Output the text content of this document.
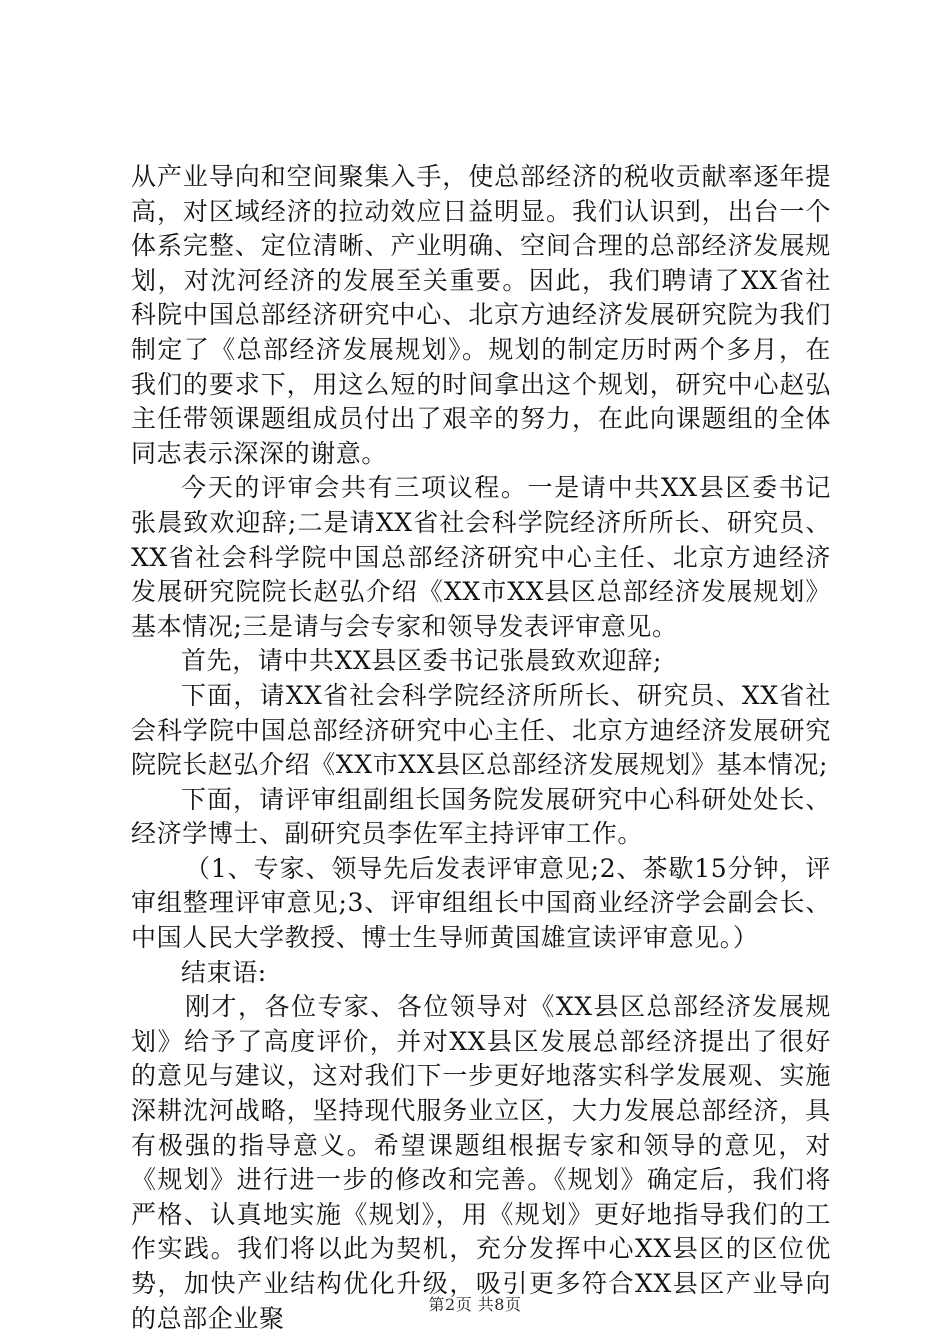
从产业导向和空间聚集入手，使总部经济的税收贡献率逐年提高，对区域经济的拉动效应日益明显。我们认识到，出台一个体系完整、定位清晰、产业明确、空间合理的总部经济发展规划，对沈河经济的发展至关重要。因此，我们聘请了XX省社科院中国总部经济研究中心、北京方迪经济发展研究院为我们制定了《总部经济发展规划》。规划的制定历时两个多月，在我们的要求下，用这么短的时间拿出这个规划，研究中心赵弘主任带领课题组成员付出了艰辛的努力，在此向课题组的全体同志表示深深的谢意。

今天的评审会共有三项议程。一是请中共XX县区委书记张晨致欢迎辞;二是请XX省社会科学院经济所所长、研究员、XX省社会科学院中国总部经济研究中心主任、北京方迪经济发展研究院院长赵弘介绍《XX市XX县区总部经济发展规划》基本情况;三是请与会专家和领导发表评审意见。

首先，请中共XX县区委书记张晨致欢迎辞;

下面，请XX省社会科学院经济所所长、研究员、XX省社会科学院中国总部经济研究中心主任、北京方迪经济发展研究院院长赵弘介绍《XX市XX县区总部经济发展规划》基本情况;

下面，请评审组副组长国务院发展研究中心科研处处长、经济学博士、副研究员李佐军主持评审工作。

（1、专家、领导先后发表评审意见;2、茶歇15分钟，评审组整理评审意见;3、评审组组长中国商业经济学会副会长、中国人民大学教授、博士生导师黄国雄宣读评审意见。）

结束语:

刚才，各位专家、各位领导对《XX县区总部经济发展规划》给予了高度评价，并对XX县区发展总部经济提出了很好的意见与建议，这对我们下一步更好地落实科学发展观、实施深耕沈河战略，坚持现代服务业立区，大力发展总部经济，具有极强的指导意义。希望课题组根据专家和领导的意见，对《规划》进行进一步的修改和完善。《规划》确定后，我们将严格、认真地实施《规划》，用《规划》更好地指导我们的工作实践。我们将以此为契机，充分发挥中心XX县区的区位优势，加快产业结构优化升级，吸引更多符合XX县区产业导向的总部企业聚	第2页 共8页
